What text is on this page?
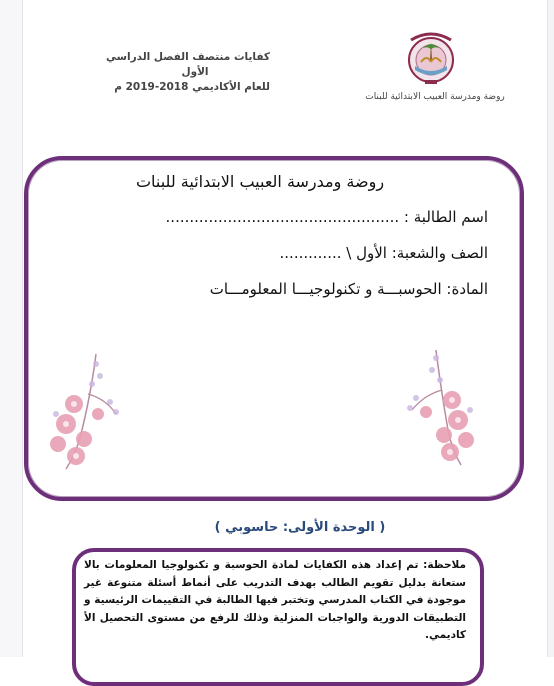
روضة ومدرسة العبيب الابتدائية للبنات
كفايات منتصف الفصل الدراسي
الأول
للعام الأكاديمي 2018-2019 م
روضة ومدرسة العبيب الابتدائية للبنات
اسم الطالبة : .................................................
الصف والشعبة: الأول \ .............
المادة: الحوسبـــة و تكنولوجيـــا المعلومـــات
( الوحدة الأولى: حاسوبي )
ملاحظة: تم إعداد هذه الكفايات لمادة الحوسبة و تكنولوجيا المعلومات بالا ستعانة بدليل تقويم الطالب بهدف التدريب على أنماط أسئلة متنوعة غير موجودة في الكتاب المدرسي وتختبر فيها الطالبة في التقييمات الرئيسية و التطبيقات الدورية والواجبات المنزلية وذلك للرفع من مستوى التحصيل الأ كاديمي.
